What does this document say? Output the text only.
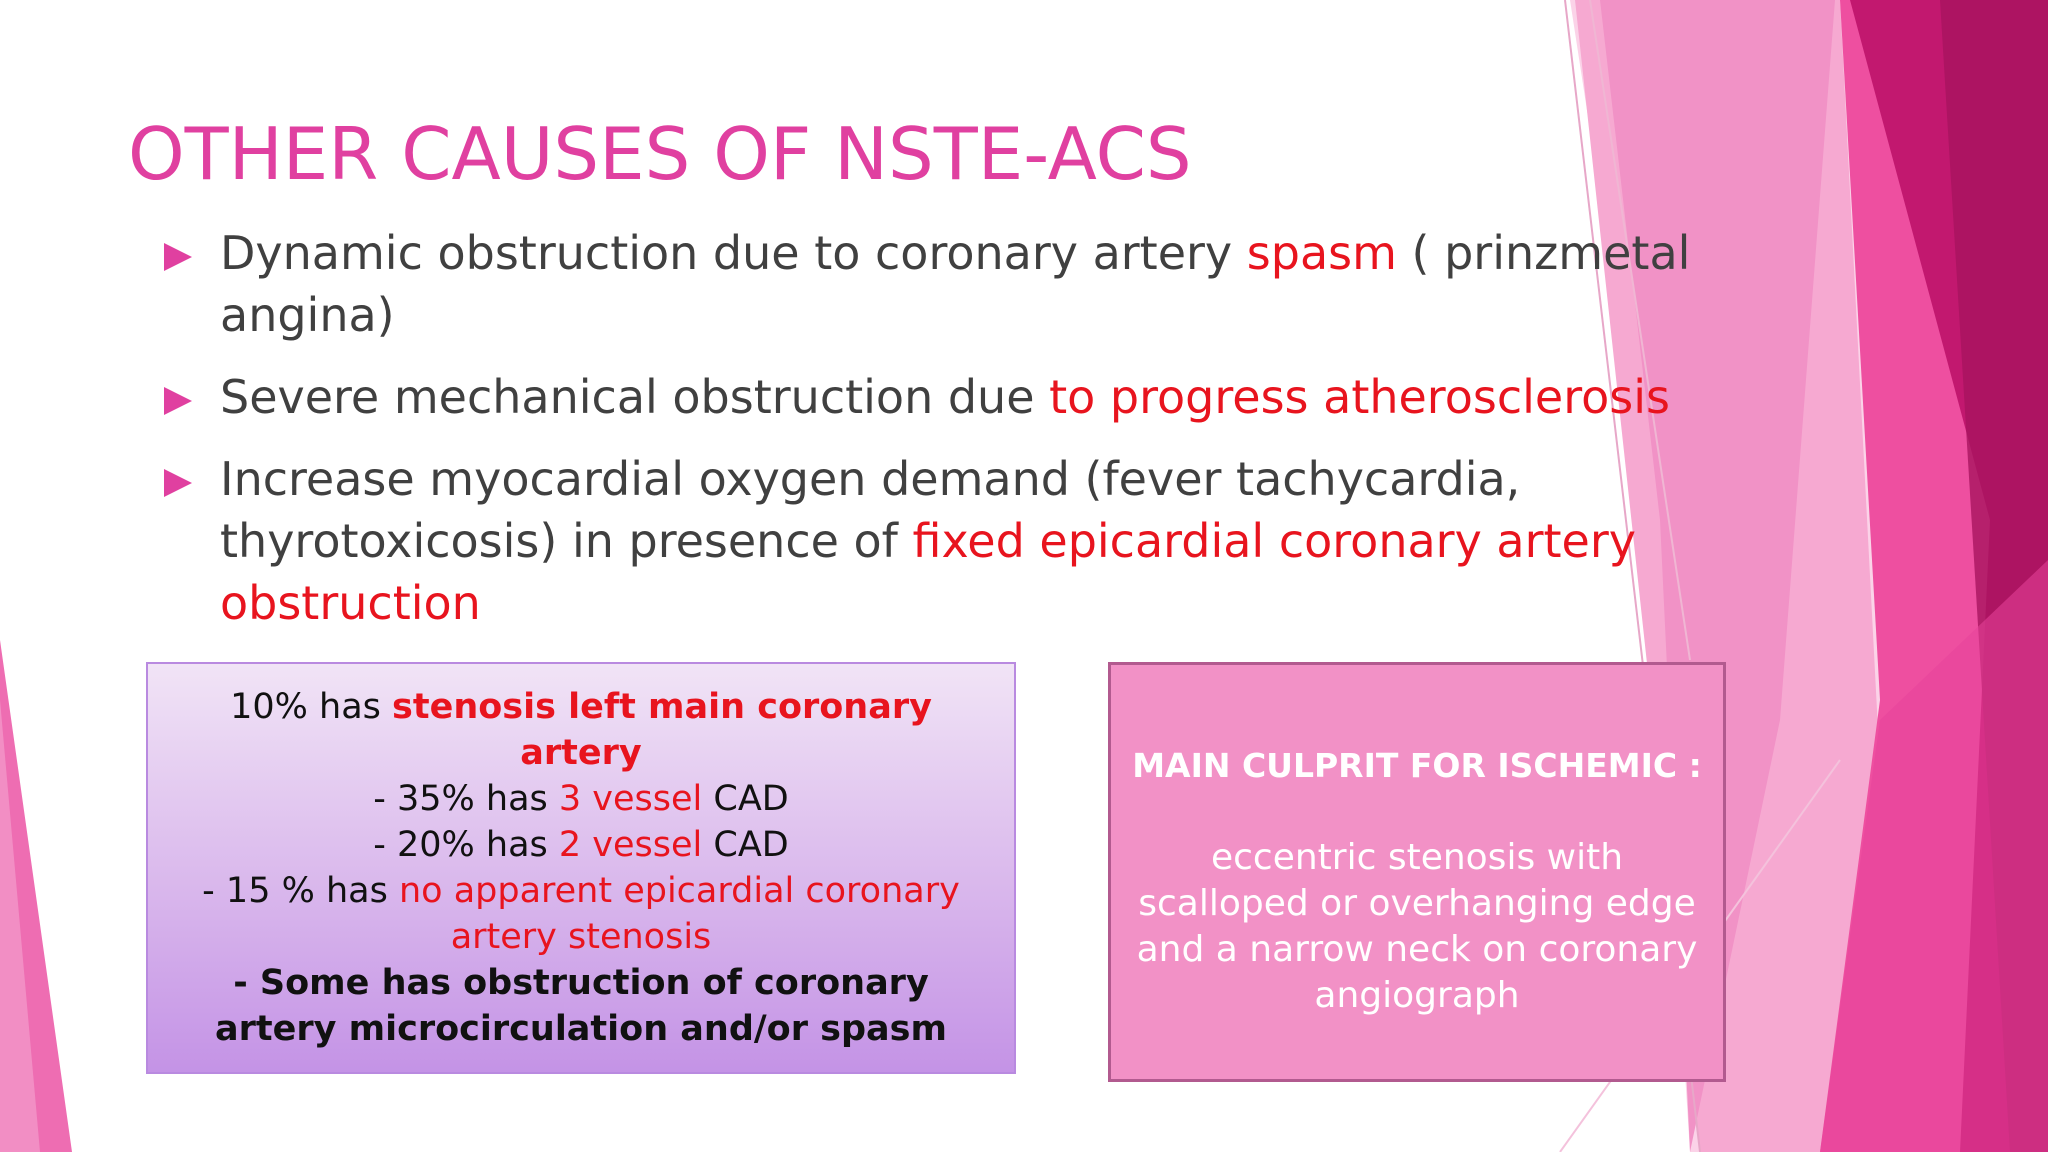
OTHER CAUSES OF NSTE-ACS
Dynamic obstruction due to coronary artery spasm ( prinzmetal angina)
Severe mechanical obstruction due to progress atherosclerosis
Increase myocardial oxygen demand (fever tachycardia, thyrotoxicosis) in presence of fixed epicardial coronary artery obstruction
10% has stenosis left main coronary artery
- 35% has 3 vessel CAD
- 20% has 2 vessel CAD
- 15 % has no apparent epicardial coronary artery stenosis
- Some has obstruction of coronary artery microcirculation and/or spasm
MAIN CULPRIT FOR ISCHEMIC :
eccentric stenosis with scalloped or overhanging edge and a narrow neck on coronary angiograph
